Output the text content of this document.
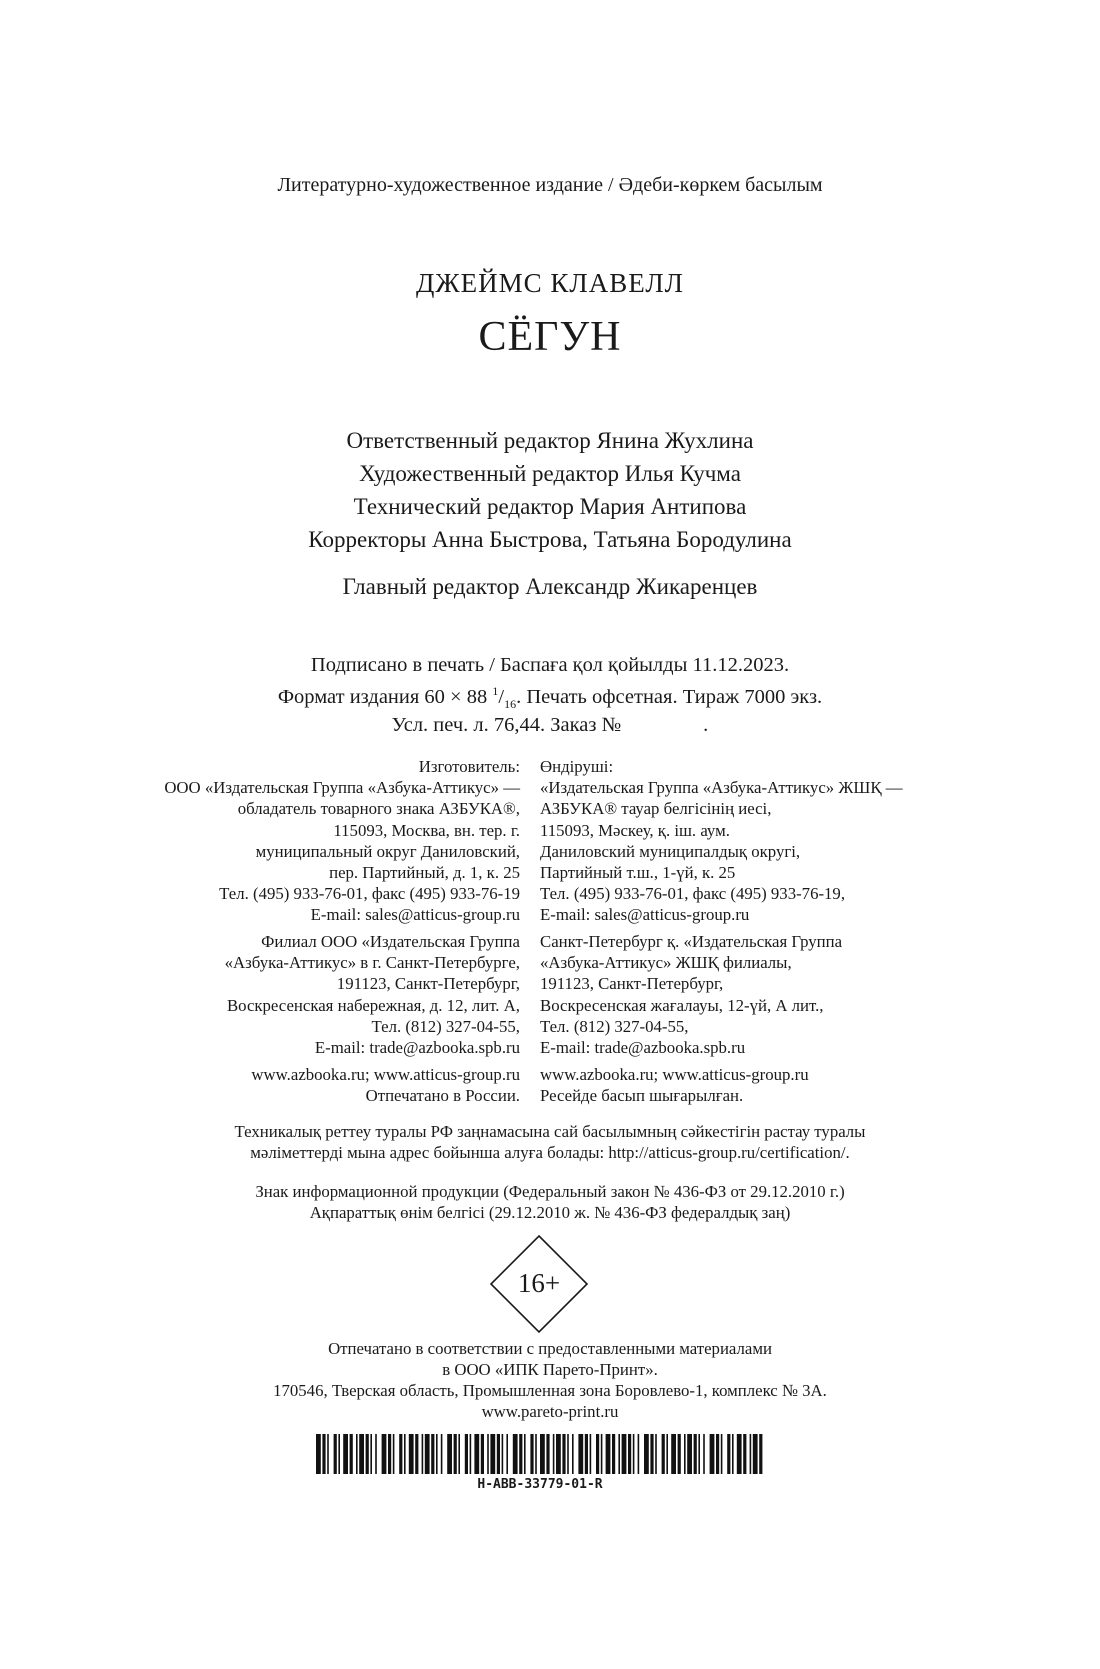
Литературно-художественное издание / Әдеби-көркем басылым
ДЖЕЙМС КЛАВЕЛЛ
СЁГУН
Ответственный редактор Янина Жухлина
Художественный редактор Илья Кучма
Технический редактор Мария Антипова
Корректоры Анна Быстрова, Татьяна Бородулина
Главный редактор Александр Жикаренцев
Подписано в печать / Баспаға қол қойылды 11.12.2023.
Формат издания 60 × 88 $^1/_{16}$. Печать офсетная. Тираж 7000 экз.
Усл. печ. л. 76,44. Заказ №                .
Изготовитель:
ООО «Издательская Группа «Азбука-Аттикус» —
обладатель товарного знака АЗБУКА®,
115093, Москва, вн. тер. г.
муниципальный округ Даниловский,
пер. Партийный, д. 1, к. 25
Тел. (495) 933-76-01, факс (495) 933-76-19
E-mail: sales@atticus-group.ru
Өндіруші:
«Издательская Группа «Азбука-Аттикус» ЖШҚ —
АЗБУКА® тауар белгісінің иесі,
115093, Мәскеу, қ. іш. аум.
Даниловский муниципалдық округі,
Партийный т.ш., 1-үй, к. 25
Тел. (495) 933-76-01, факс (495) 933-76-19,
E-mail: sales@atticus-group.ru
Филиал ООО «Издательская Группа
«Азбука-Аттикус» в г. Санкт-Петербурге,
191123, Санкт-Петербург,
Воскресенская набережная, д. 12, лит. А,
Тел. (812) 327-04-55,
E-mail: trade@azbooka.spb.ru
Санкт-Петербург қ. «Издательская Группа
«Азбука-Аттикус» ЖШҚ филиалы,
191123, Санкт-Петербург,
Воскресенская жағалауы, 12-үй, А лит.,
Тел. (812) 327-04-55,
E-mail: trade@azbooka.spb.ru
www.azbooka.ru; www.atticus-group.ru
Отпечатано в России.
www.azbooka.ru; www.atticus-group.ru
Ресейде басып шығарылған.
Техникалық реттеу туралы РФ заңнамасына сай басылымның сәйкестігін растау туралы
мәліметтерді мына адрес бойынша алуға болады: http://atticus-group.ru/certification/.
Знак информационной продукции (Федеральный закон № 436-ФЗ от 29.12.2010 г.)
Ақпараттық өнім белгісі (29.12.2010 ж. № 436-ФЗ федералдық заң)
16+
Отпечатано в соответствии с предоставленными материалами
в ООО «ИПК Парето-Принт».
170546, Тверская область, Промышленная зона Боровлево-1, комплекс № 3А.
www.pareto-print.ru
H-ABB-33779-01-R
